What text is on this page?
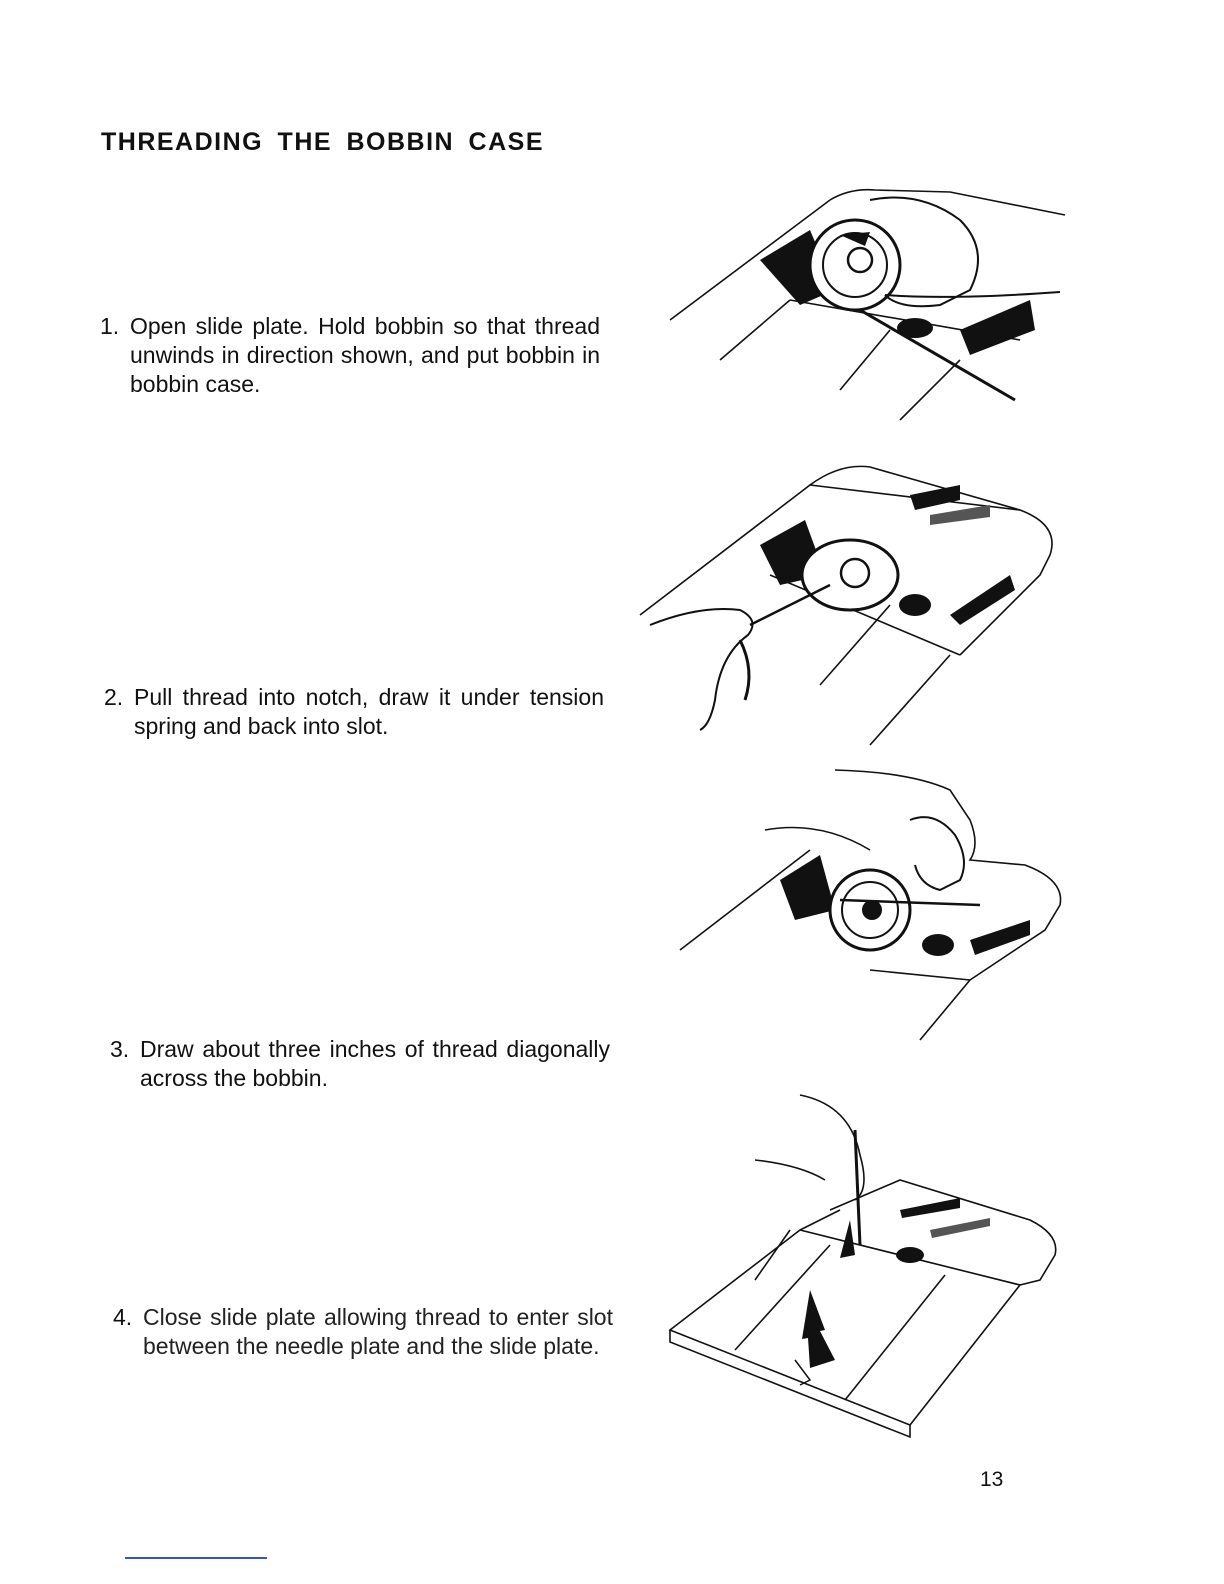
THREADING THE BOBBIN CASE
1. Open slide plate. Hold bobbin so that thread unwinds in direction shown, and put bobbin in bobbin case.
2. Pull thread into notch, draw it under tension spring and back into slot.
3. Draw about three inches of thread diagonally across the bobbin.
4. Close slide plate allowing thread to enter slot between the needle plate and the slide plate.
13
